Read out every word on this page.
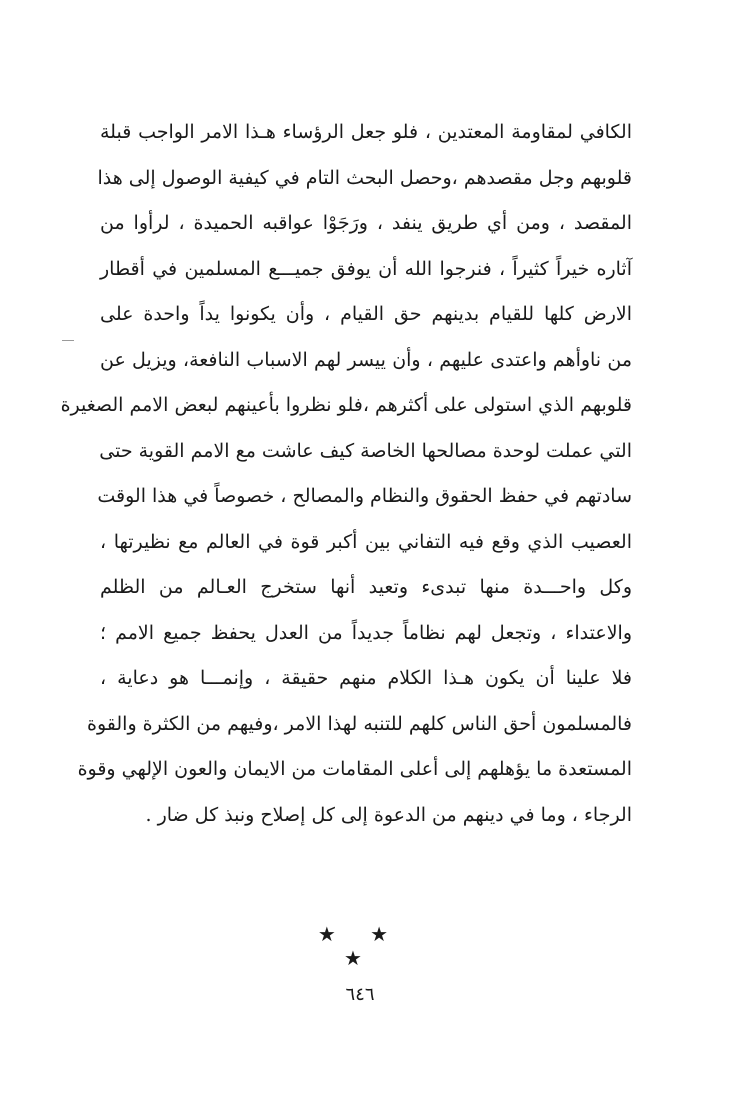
الكافي لمقاومة المعتدين ، فلو جعل الرؤساء هـذا الامر الواجب قبلة
قلوبهم وجل مقصدهم ،وحصل البحث التام في كيفية الوصول إلى هذا
المقصد ، ومن أي طريق ينفد ، ورَجَوْا عواقبه الحميدة ، لرأوا من
آثاره خيراً كثيراً ، فنرجوا الله أن يوفق جميـــع المسلمين في أقطار
الارض كلها للقيام بدينهم حق القيام ، وأن يكونوا يداً واحدة على
من ناوأهم واعتدى عليهم ، وأن ييسر لهم الاسباب النافعة، ويزيل عن
قلوبهم الذي استولى على أكثرهم ،فلو نظروا بأعينهم لبعض الامم الصغيرة
التي عملت لوحدة مصالحها الخاصة كيف عاشت مع الامم القوية حتى
سادتهم في حفظ الحقوق والنظام والمصالح ، خصوصاً في هذا الوقت
العصيب الذي وقع فيه التفاني بين أكبر قوة في العالم مع نظيرتها ،
وكل واحـــدة منها تبدىء وتعيد أنها ستخرج العـالم من الظلم
والاعتداء ، وتجعل لهم نظاماً جديداً من العدل يحفظ جميع الامم ؛
فلا علينا أن يكون هـذا الكلام منهم حقيقة ، وإنمـــا هو دعاية ،
فالمسلمون أحق الناس كلهم للتنبه لهذا الامر ،وفيهم من الكثرة والقوة
المستعدة ما يؤهلهم إلى أعلى المقامات من الايمان والعون الإلهي وقوة
الرجاء ، وما في دينهم من الدعوة إلى كل إصلاح ونبذ كل ضار .
★ ★ ★
٦٤٦
